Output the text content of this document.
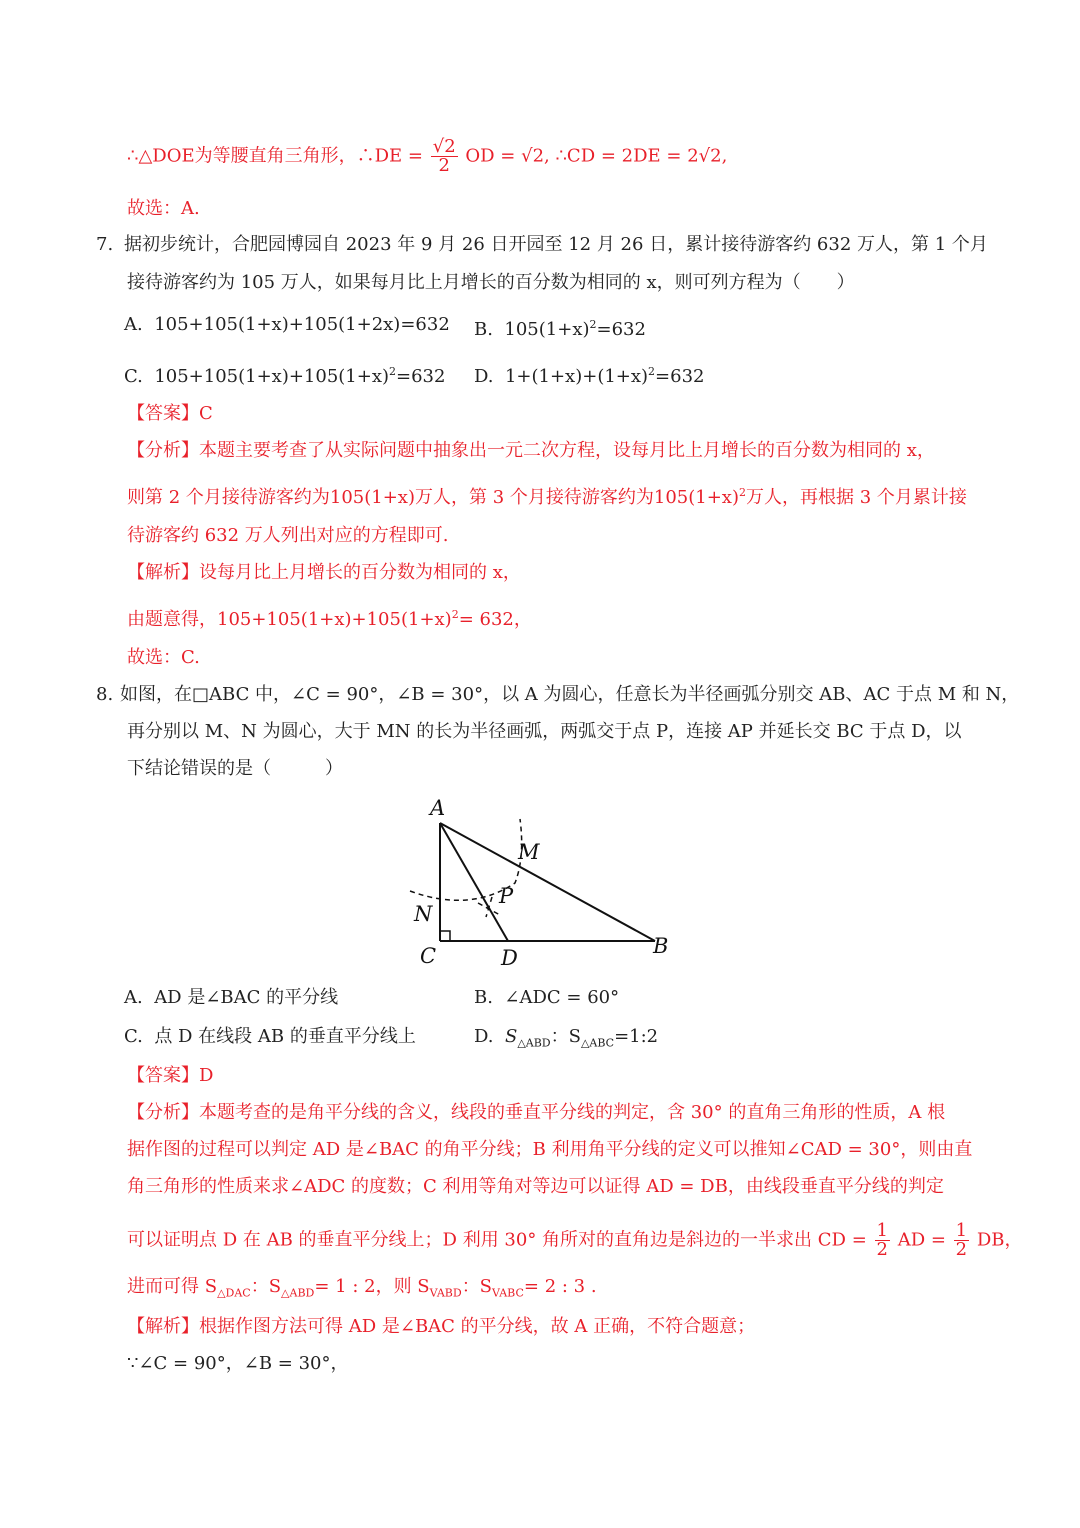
∴△DOE为等腰直角三角形，∴DE = $\frac{√2}{2}$ OD = √2, ∴CD = 2DE = 2√2,
故选：A.
7. 据初步统计，合肥园博园自 2023 年 9 月 26 日开园至 12 月 26 日，累计接待游客约 632 万人，第 1 个月
接待游客约为 105 万人，如果每月比上月增长的百分数为相同的 x，则可列方程为（　　）
A. 105+105(1+x)+105(1+2x)=632 B. $105(1+x)^2=632$
C. $105+105(1+x)+105(1+x)^2=632$ D. $1+(1+x)+(1+x)^2=632$
【答案】C
【分析】本题主要考查了从实际问题中抽象出一元二次方程，设每月比上月增长的百分数为相同的 x，
则第 2 个月接待游客约为105(1+x)万人，第 3 个月接待游客约为$105(1+x)^2$万人，再根据 3 个月累计接
待游客约 632 万人列出对应的方程即可.
【解析】设每月比上月增长的百分数为相同的 x，
由题意得，$105+105(1+x)+105(1+x)^2= 632$，
故选：C.
8. 如图，在□ABC 中，∠C = 90°，∠B = 30°，以 A 为圆心，任意长为半径画弧分别交 AB、AC 于点 M 和 N，
再分别以 M、N 为圆心，大于 MN 的长为半径画弧，两弧交于点 P，连接 AP 并延长交 BC 于点 D，以
下结论错误的是（　　　）
A
M
N
P
C	D	B
A. AD 是∠BAC 的平分线	B. ∠ADC = 60°
C. 点 D 在线段 AB 的垂直平分线上	D. $S_{\triangle ABD}$：$S_{\triangle ABC}=1:2$
【答案】D
【分析】本题考查的是角平分线的含义，线段的垂直平分线的判定，含 30° 的直角三角形的性质，A 根
据作图的过程可以判定 AD 是∠BAC 的角平分线；B 利用角平分线的定义可以推知∠CAD = 30°，则由直
角三角形的性质来求∠ADC 的度数；C 利用等角对等边可以证得 AD = DB，由线段垂直平分线的判定
可以证明点 D 在 AB 的垂直平分线上；D 利用 30° 角所对的直角边是斜边的一半求出 CD = $\frac{1}{2}$ AD = $\frac{1}{2}$ DB，
进而可得 $S_{\triangle DAC}$：$S_{\triangle ABD}= 1$ : 2，则 $S_{VABD}$：$S_{VABC}= 2$ : 3 .
【解析】根据作图方法可得 AD 是∠BAC 的平分线，故 A 正确，不符合题意；
∵∠C = 90°，∠B = 30°，
